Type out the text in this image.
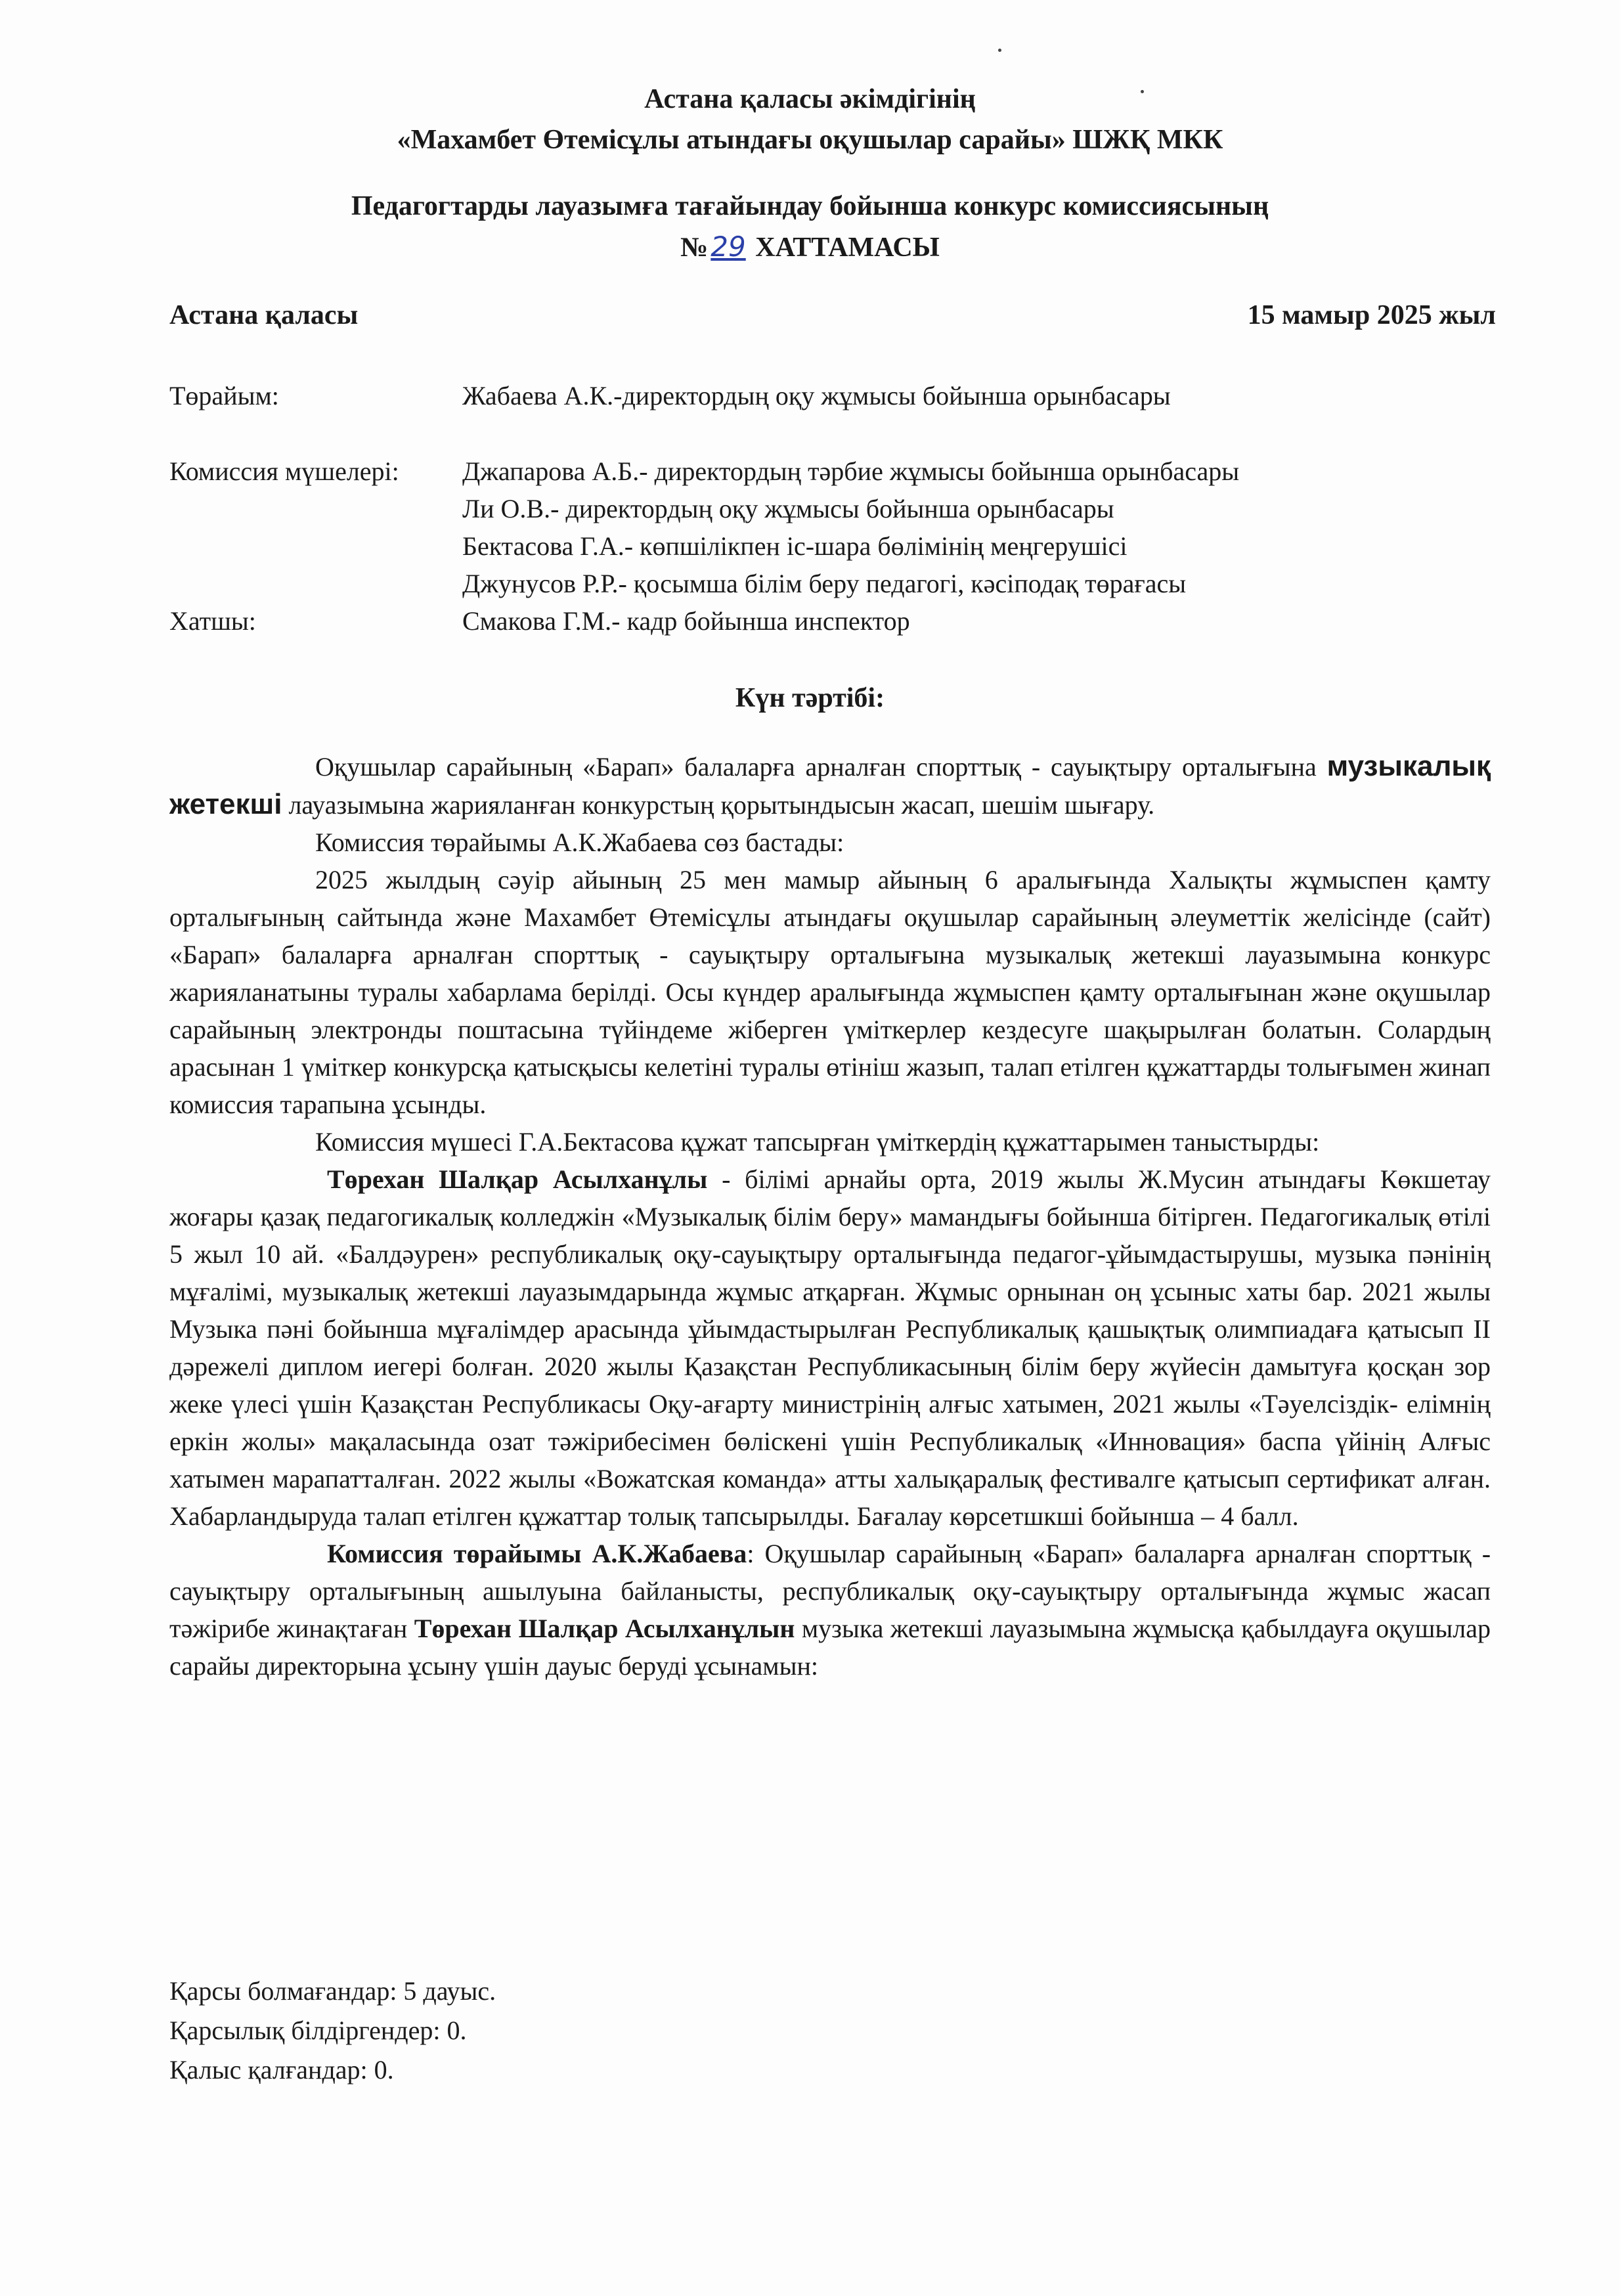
Астана қаласы әкімдігінің
«Махамбет Өтемісұлы атындағы оқушылар сарайы» ШЖҚ МКК
Педагогтарды лауазымға тағайындау бойынша конкурс комиссиясының
№29 ХАТТАМАСЫ
Астана қаласы	15 мамыр 2025 жыл
Төрайым:	Жабаева А.К.-директордың оқу жұмысы бойынша орынбасары
Комиссия мүшелері: Джапарова А.Б.- директордың тәрбие жұмысы бойынша орынбасары
Ли О.В.- директордың оқу жұмысы бойынша орынбасары
Бектасова Г.А.- көпшілікпен іс-шара бөлімінің меңгерушісі
Джунусов Р.Р.- қосымша білім беру педагогі, кәсіподақ төрағасы
Хатшы:	Смакова Г.М.- кадр бойынша инспектор
Күн тәртібі:

Оқушылар сарайының «Барап» балаларға арналған спорттық - сауықтыру орталығына музыкалық жетекші лауазымына жарияланған конкурстың қорытындысын жасап, шешім шығару.

Комиссия төрайымы А.К.Жабаева сөз бастады:

2025 жылдың сәуір айының 25 мен мамыр айының 6 аралығында Халықты жұмыспен қамту орталығының сайтында және Махамбет Өтемісұлы атындағы оқушылар сарайының әлеуметтік желісінде (сайт) «Барап» балаларға арналған спорттық - сауықтыру орталығына музыкалық жетекші лауазымына конкурс жарияланатыны туралы хабарлама берілді. Осы күндер аралығында жұмыспен қамту орталығынан және оқушылар сарайының электронды поштасына түйіндеме жіберген үміткерлер кездесуге шақырылған болатын. Солардың арасынан 1 үміткер конкурсқа қатысқысы келетіні туралы өтініш жазып, талап етілген құжаттарды толығымен жинап комиссия тарапына ұсынды.

Комиссия мүшесі Г.А.Бектасова құжат тапсырған үміткердің құжаттарымен таныстырды:

Төрехан Шалқар Асылханұлы - білімі арнайы орта, 2019 жылы Ж.Мусин атындағы Көкшетау жоғары қазақ педагогикалық колледжін «Музыкалық білім беру» мамандығы бойынша бітірген. Педагогикалық өтілі 5 жыл 10 ай. «Балдәурен» республикалық оқу-сауықтыру орталығында педагог-ұйымдастырушы, музыка пәнінің мұғалімі, музыкалық жетекші лауазымдарында жұмыс атқарған. Жұмыс орнынан оң ұсыныс хаты бар. 2021 жылы Музыка пәні бойынша мұғалімдер арасында ұйымдастырылған Республикалық қашықтық олимпиадаға қатысып ІІ дәрежелі диплом иегері болған. 2020 жылы Қазақстан Республикасының білім беру жүйесін дамытуға қосқан зор жеке үлесі үшін Қазақстан Республикасы Оқу-ағарту министрінің алғыс хатымен, 2021 жылы «Тәуелсіздік- елімнің еркін жолы» мақаласында озат тәжірибесімен бөліскені үшін Республикалық «Инновация» баспа үйінің Алғыс хатымен марапатталған. 2022 жылы «Вожатская команда» атты халықаралық фестивалге қатысып сертификат алған. Хабарландыруда талап етілген құжаттар толық тапсырылды. Бағалау көрсетшкші бойынша – 4 балл.

Комиссия төрайымы А.К.Жабаева: Оқушылар сарайының «Барап» балаларға арналған спорттық - сауықтыру орталығының ашылуына байланысты, республикалық оқу-сауықтыру орталығында жұмыс жасап тәжірибе жинақтаған Төрехан Шалқар Асылханұлын музыка жетекші лауазымына жұмысқа қабылдауға оқушылар сарайы директорына ұсыну үшін дауыс беруді ұсынамын:

Қарсы болмағандар: 5 дауыс.
Қарсылық білдіргендер: 0.
Қалыс қалғандар: 0.
